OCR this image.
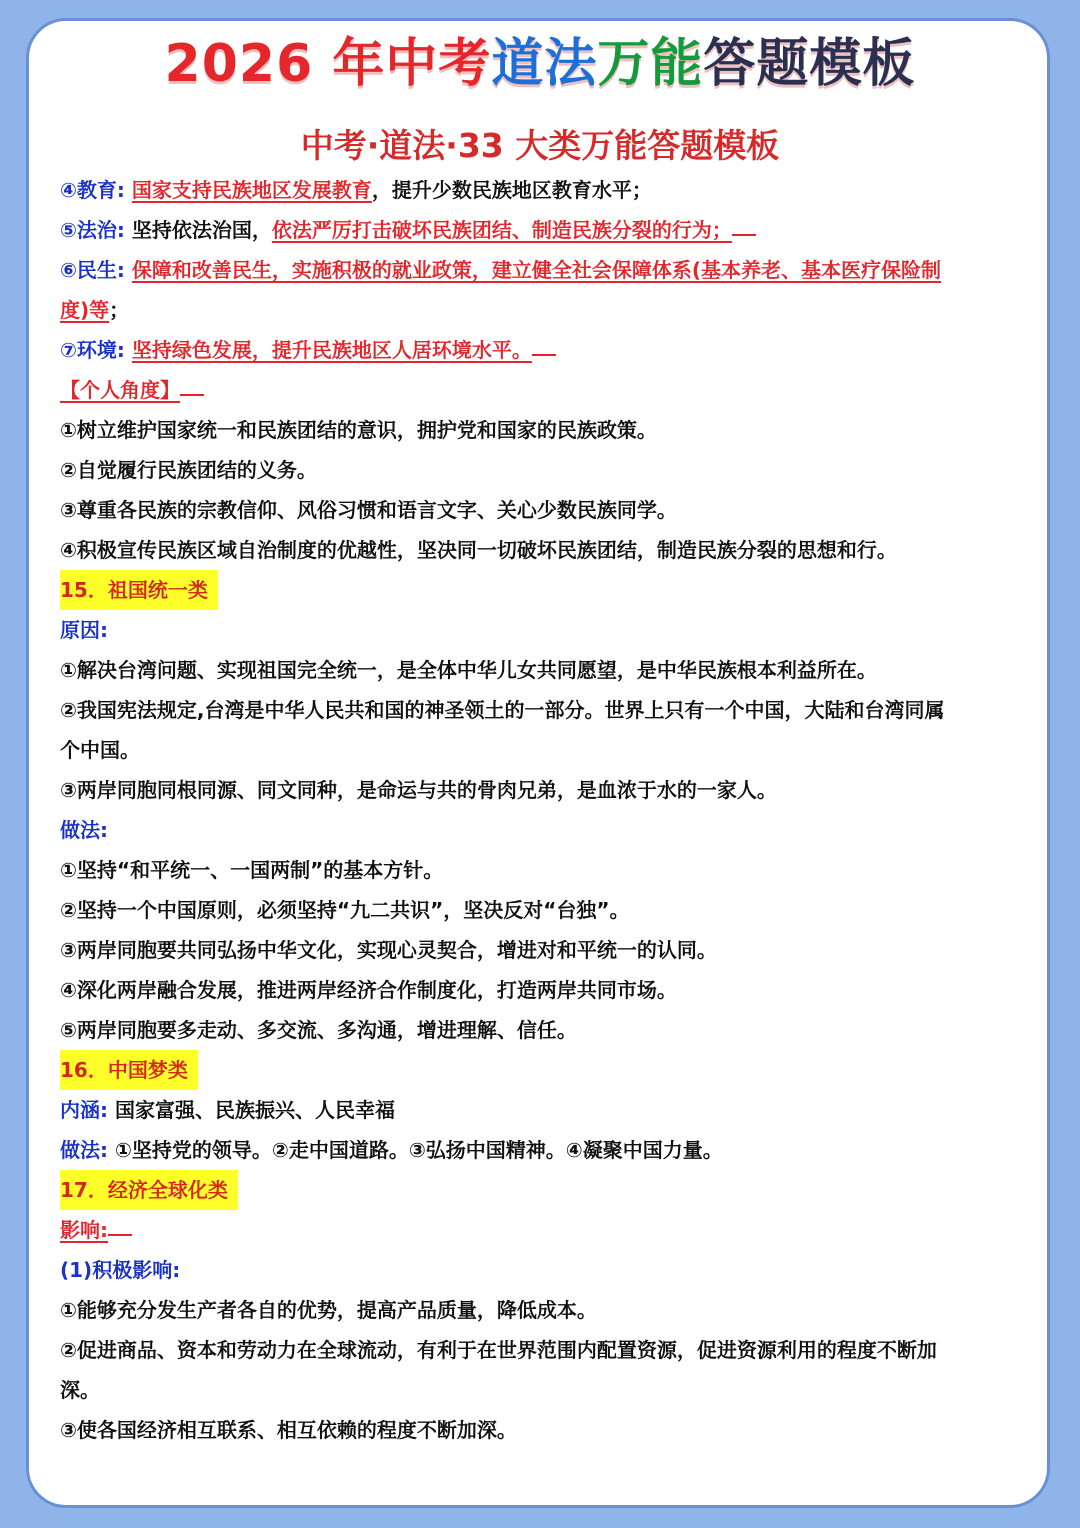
2026 年中考道法万能答题模板
中考·道法·33 大类万能答题模板
④教育: 国家支持民族地区发展教育，提升少数民族地区教育水平；
⑤法治: 坚持依法治国，依法严厉打击破坏民族团结、制造民族分裂的行为；
⑥民生: 保障和改善民生，实施积极的就业政策，建立健全社会保障体系(基本养老、基本医疗保险制
度)等；
⑦环境: 坚持绿色发展，提升民族地区人居环境水平。
【个人角度】
①树立维护国家统一和民族团结的意识，拥护党和国家的民族政策。
②自觉履行民族团结的义务。
③尊重各民族的宗教信仰、风俗习惯和语言文字、关心少数民族同学。
④积极宣传民族区域自治制度的优越性，坚决同一切破坏民族团结，制造民族分裂的思想和行。
15．祖国统一类
原因:
①解决台湾问题、实现祖国完全统一，是全体中华儿女共同愿望，是中华民族根本利益所在。
②我国宪法规定,台湾是中华人民共和国的神圣领土的一部分。世界上只有一个中国，大陆和台湾同属
个中国。
③两岸同胞同根同源、同文同种，是命运与共的骨肉兄弟，是血浓于水的一家人。
做法:
①坚持“和平统一、一国两制”的基本方针。
②坚持一个中国原则，必须坚持“九二共识”，坚决反对“台独”。
③两岸同胞要共同弘扬中华文化，实现心灵契合，增进对和平统一的认同。
④深化两岸融合发展，推进两岸经济合作制度化，打造两岸共同市场。
⑤两岸同胞要多走动、多交流、多沟通，增进理解、信任。
16．中国梦类
内涵: 国家富强、民族振兴、人民幸福
做法: ①坚持党的领导。②走中国道路。③弘扬中国精神。④凝聚中国力量。
17．经济全球化类
影响:
(1)积极影响:
①能够充分发生产者各自的优势，提高产品质量，降低成本。
②促进商品、资本和劳动力在全球流动，有利于在世界范围内配置资源，促进资源利用的程度不断加
深。
③使各国经济相互联系、相互依赖的程度不断加深。
